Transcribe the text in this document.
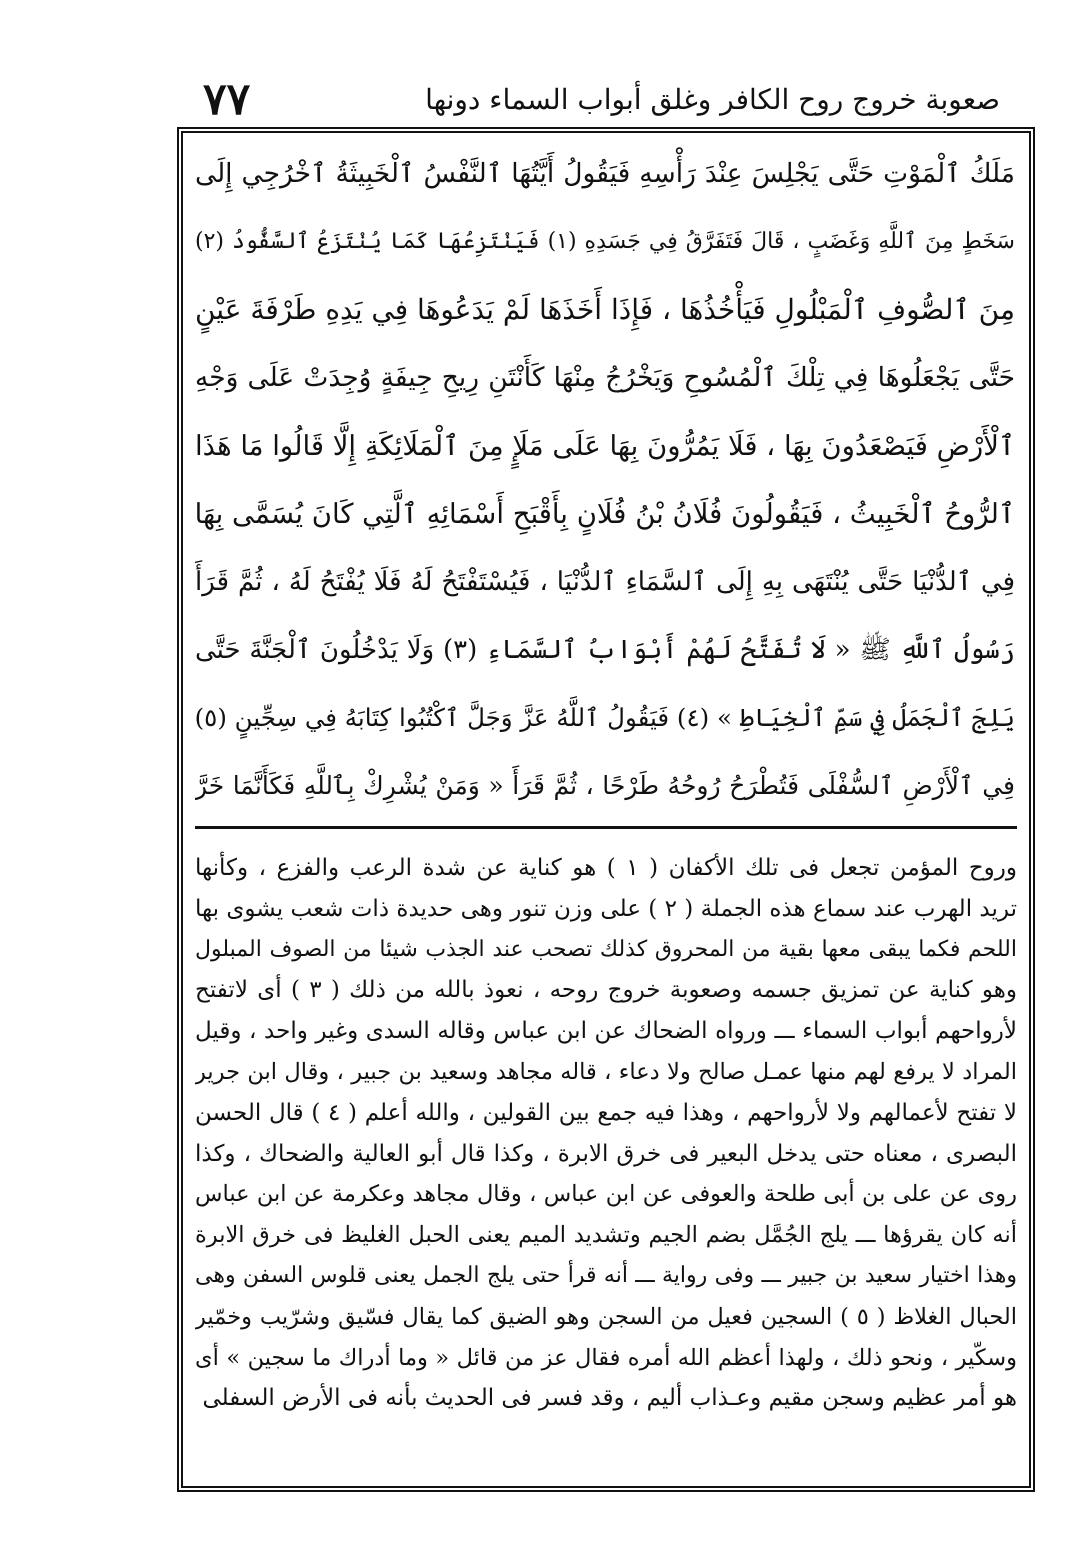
٧٧	صعوبة خروج روح الكافر وغلق أبواب السماء دونها
مَلَكُ ٱلْمَوْتِ حَتَّى يَجْلِسَ عِنْدَ رَأْسِهِ فَيَقُولُ أَيَّتُهَا ٱلنَّفْسُ ٱلْخَبِيثَةُ ٱخْرُجِي إِلَى
سَخَطٍ مِنَ ٱللَّهِ وَغَضَبٍ ، قَالَ فَتَفَرَّقُ فِي جَسَدِهِ (١) فَيَنْتَزِعُهَا كَمَا يُنْتَزَعُ ٱلسَّفُّودُ (٢)
مِنَ ٱلصُّوفِ ٱلْمَبْلُولِ فَيَأْخُذُهَا ، فَإِذَا أَخَذَهَا لَمْ يَدَعُوهَا فِي يَدِهِ طَرْفَةَ عَيْنٍ
حَتَّى يَجْعَلُوهَا فِي تِلْكَ ٱلْمُسُوحِ وَيَخْرُجُ مِنْهَا كَأَنْتَنِ رِيحِ جِيفَةٍ وُجِدَتْ عَلَى وَجْهِ
ٱلْأَرْضِ فَيَصْعَدُونَ بِهَا ، فَلَا يَمُرُّونَ بِهَا عَلَى مَلَإٍ مِنَ ٱلْمَلَائِكَةِ إِلَّا قَالُوا مَا هَذَا
ٱلرُّوحُ ٱلْخَبِيثُ ، فَيَقُولُونَ فُلَانُ بْنُ فُلَانٍ بِأَقْبَحِ أَسْمَائِهِ ٱلَّتِي كَانَ يُسَمَّى بِهَا
فِي ٱلدُّنْيَا حَتَّى يُنْتَهَى بِهِ إِلَى ٱلسَّمَاءِ ٱلدُّنْيَا ، فَيُسْتَفْتَحُ لَهُ فَلَا يُفْتَحُ لَهُ ، ثُمَّ قَرَأَ
رَسُولُ ٱللَّهِ ﷺ « لَا تُفَتَّحُ لَهُمْ أَبْوَابُ ٱلسَّمَاءِ (٣) وَلَا يَدْخُلُونَ ٱلْجَنَّةَ حَتَّى
يَلِجَ ٱلْجَمَلُ فِي سَمِّ ٱلْخِيَاطِ » (٤) فَيَقُولُ ٱللَّهُ عَزَّ وَجَلَّ ٱكْتُبُوا كِتَابَهُ فِي سِجِّينٍ (٥)
فِي ٱلْأَرْضِ ٱلسُّفْلَى فَتُطْرَحُ رُوحُهُ طَرْحًا ، ثُمَّ قَرَأَ « وَمَنْ يُشْرِكْ بِٱللَّهِ فَكَأَنَّمَا خَرَّ
وروح المؤمن تجعل فى تلك الأكفان ( ١ ) هو كناية عن شدة الرعب والفزع ، وكأنها
تريد الهرب عند سماع هذه الجملة ( ٢ ) على وزن تنور وهى حديدة ذات شعب يشوى بها
اللحم فكما يبقى معها بقية من المحروق كذلك تصحب عند الجذب شيئا من الصوف المبلول
وهو كناية عن تمزيق جسمه وصعوبة خروج روحه ، نعوذ بالله من ذلك ( ٣ ) أى لاتفتح
لأرواحهم أبواب السماء ـــ ورواه الضحاك عن ابن عباس وقاله السدى وغير واحد ، وقيل
المراد لا يرفع لهم منها عمـل صالح ولا دعاء ، قاله مجاهد وسعيد بن جبير ، وقال ابن جرير
لا تفتح لأعمالهم ولا لأرواحهم ، وهذا فيه جمع بين القولين ، والله أعلم ( ٤ ) قال الحسن
البصرى ، معناه حتى يدخل البعير فى خرق الابرة ، وكذا قال أبو العالية والضحاك ، وكذا
روى عن على بن أبى طلحة والعوفى عن ابن عباس ، وقال مجاهد وعكرمة عن ابن عباس
أنه كان يقرؤها ـــ يلج الجُمَّل بضم الجيم وتشديد الميم يعنى الحبل الغليظ فى خرق الابرة
وهذا اختيار سعيد بن جبير ـــ وفى رواية ـــ أنه قرأ حتى يلج الجمل يعنى قلوس السفن وهى
الحبال الغلاظ ( ٥ ) السجين فعيل من السجن وهو الضيق كما يقال فسّيق وشرّيب وخمّير
وسكّير ، ونحو ذلك ، ولهذا أعظم الله أمره فقال عز من قائل « وما أدراك ما سجين » أى
هو أمر عظيم وسجن مقيم وعـذاب أليم ، وقد فسر فى الحديث بأنه فى الأرض السفلى
